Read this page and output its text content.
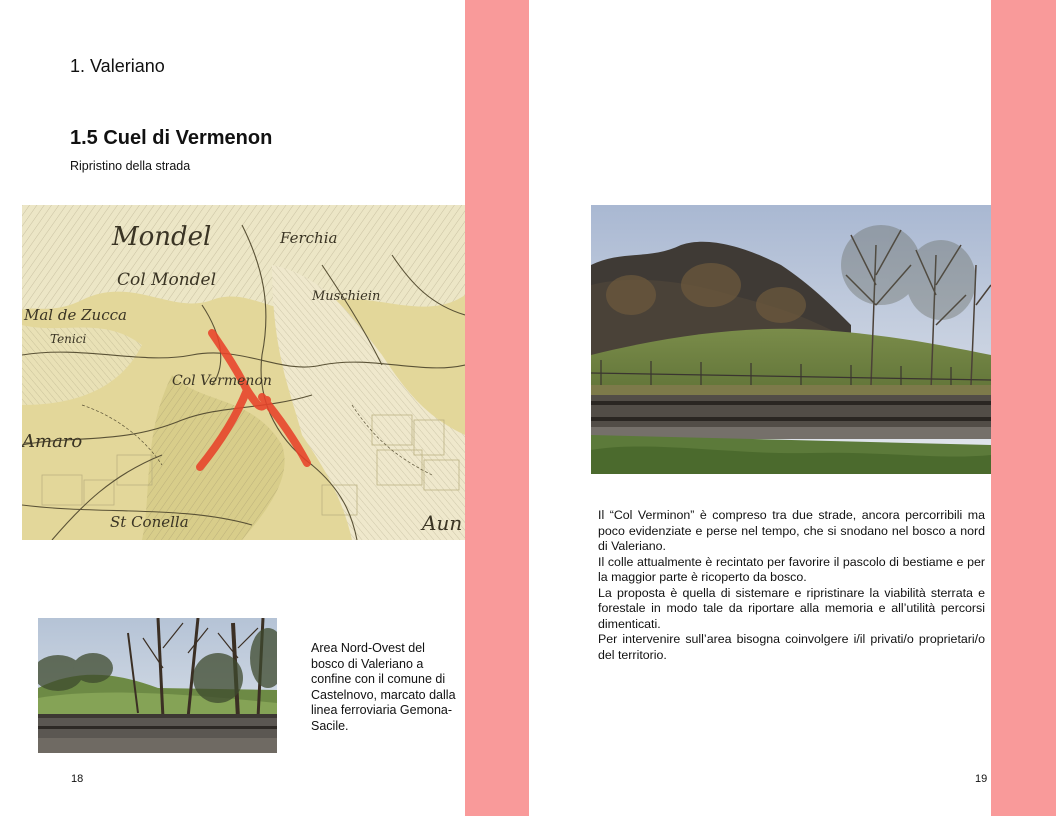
1. Valeriano
1.5 Cuel di Vermenon
Ripristino della strada
Mondel
Col Mondel
Mal de Zucca
Tenici
Col Vermenon
Muschiein
Ferchia
Amaro
St Conella	Aun
Area Nord-Ovest del bosco di Valeriano a confine con il comune di Castelnovo, marcato dalla linea ferroviaria Gemona-Sacile.
18

Il “Col Verminon” è compreso tra due strade, ancora percorribili ma poco evidenziate e perse nel tempo, che si snodano nel bosco a nord di Valeriano.

Il colle attualmente è recintato per favorire il pascolo di bestiame e per la maggior parte è ricoperto da bosco.

La proposta è quella di sistemare e ripristinare la viabilità sterrata e forestale in modo tale da riportare alla memoria e all’utilità percorsi dimenticati.

Per intervenire sull’area bisogna coinvolgere i/il privati/o proprietari/o del territorio.

19
